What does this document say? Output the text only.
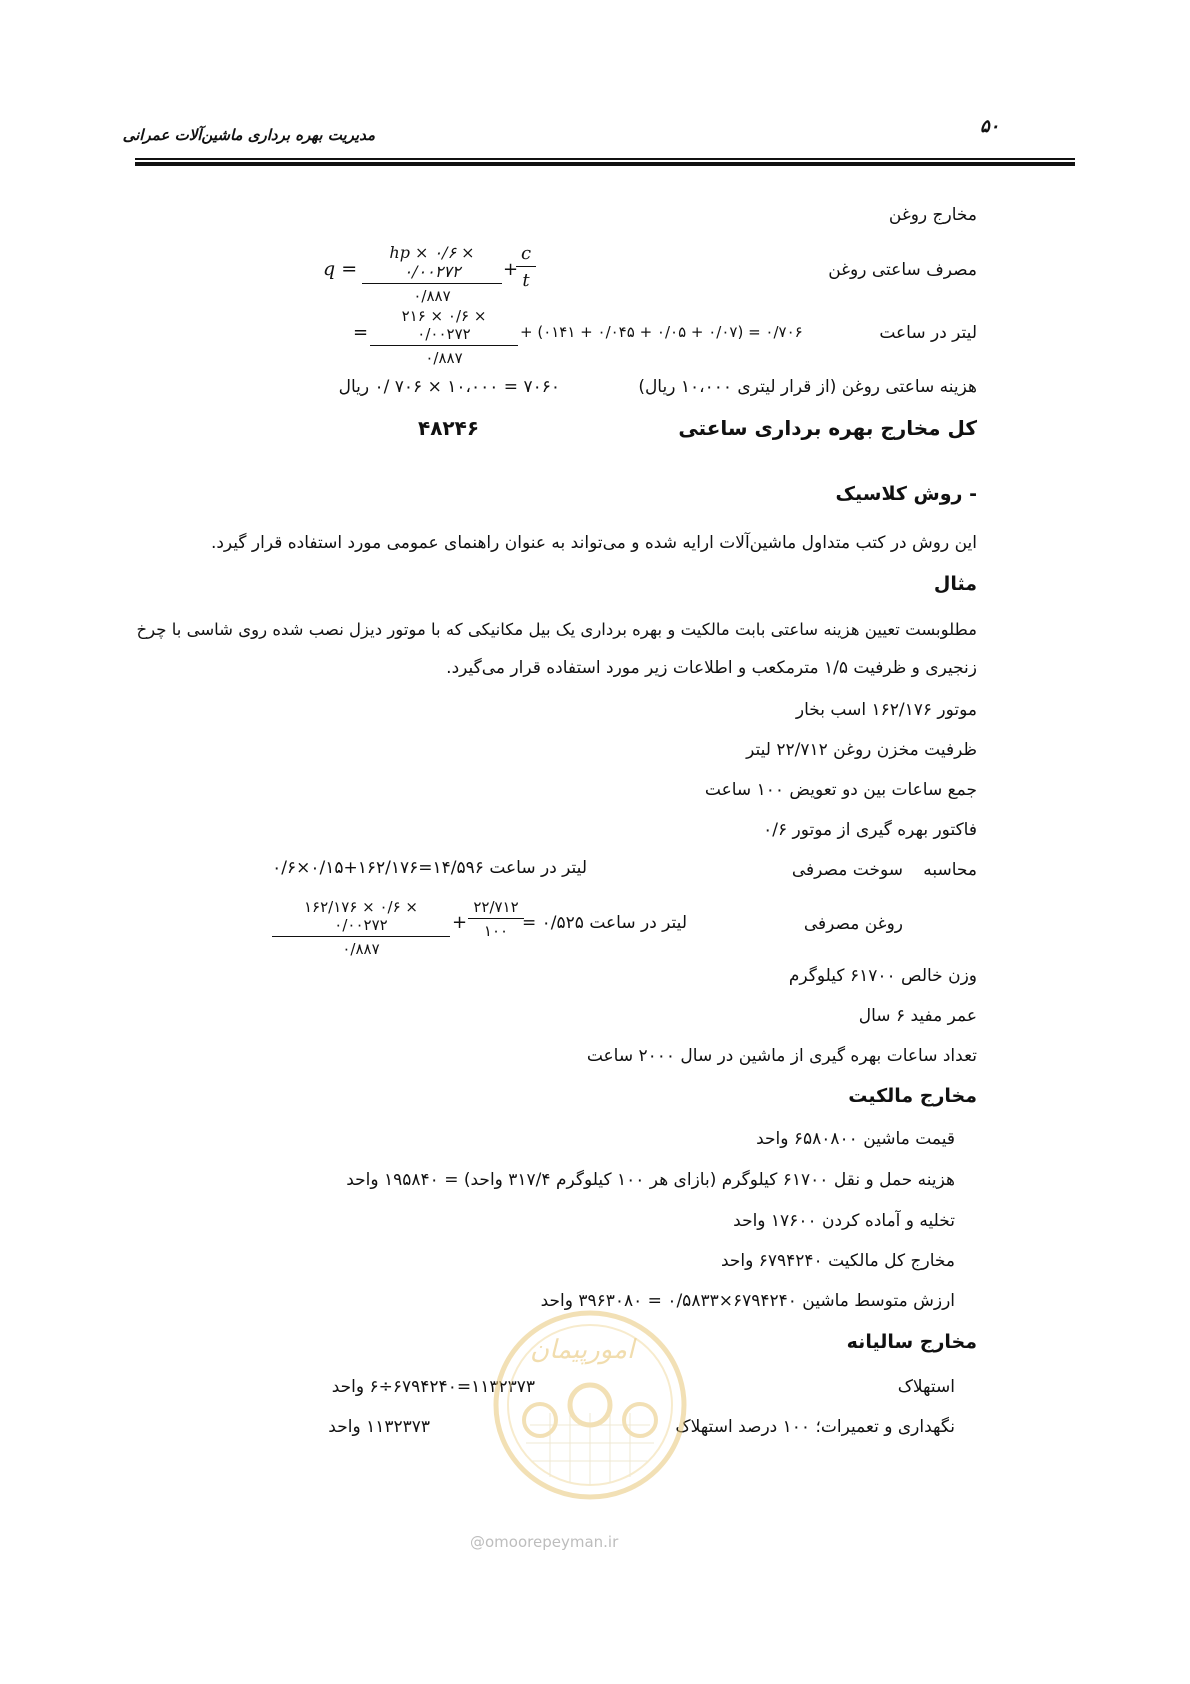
۵۰
مدیریت بهره برداری ماشین‌آلات عمرانی
مخارج روغن
مصرف ساعتی روغن
q =
hp × ۰/۶ × ۰/۰۰۲۷۲
۰/۸۸۷
+
$\frac{c}{t}$
لیتر در ساعت
=
۲۱۶ × ۰/۶ × ۰/۰۰۲۷۲
۰/۸۸۷
+ (۰۱۴۱ + ۰/۰۴۵ + ۰/۰۵ + ۰/۰۷) = ۰/۷۰۶
هزینه ساعتی روغن (از قرار لیتری ۱۰،۰۰۰ ریال)
۷۰۶۰ = ۱۰،۰۰۰ × ۷۰۶ /۰ ریال
کل مخارج بهره برداری ساعتی
۴۸۲۴۶
- روش کلاسیک
این روش در کتب متداول ماشین‌آلات ارایه شده و می‌تواند به عنوان راهنمای عمومی مورد استفاده قرار گیرد.
مثال
مطلوبست تعیین هزینه ساعتی بابت مالکیت و بهره برداری یک بیل مکانیکی که با موتور دیزل نصب شده روی شاسی با چرخ
زنجیری و ظرفیت ۱/۵ مترمکعب و اطلاعات زیر مورد استفاده قرار می‌گیرد.
موتور ۱۶۲/۱۷۶ اسب بخار
ظرفیت مخزن روغن ۲۲/۷۱۲ لیتر
جمع ساعات بین دو تعویض ۱۰۰ ساعت
فاکتور بهره گیری از موتور ۰/۶
محاسبه
سوخت مصرفی
لیتر در ساعت ۱۴/۵۹۶=۱۶۲/۱۷۶+۰/۱۵×۰/۶
روغن مصرفی
لیتر در ساعت ۰/۵۲۵ =
۲۲/۷۱۲
۱۰۰
+
۱۶۲/۱۷۶ × ۰/۶ × ۰/۰۰۲۷۲
۰/۸۸۷
وزن خالص ۶۱۷۰۰ کیلوگرم
عمر مفید ۶ سال
تعداد ساعات بهره گیری از ماشین در سال ۲۰۰۰ ساعت
مخارج مالکیت
قیمت ماشین ۶۵۸۰۸۰۰ واحد
هزینه حمل و نقل ۶۱۷۰۰ کیلوگرم (بازای هر ۱۰۰ کیلوگرم ۳۱۷/۴ واحد) = ۱۹۵۸۴۰ واحد
تخلیه و آماده کردن ۱۷۶۰۰ واحد
مخارج کل مالکیت ۶۷۹۴۲۴۰ واحد
ارزش متوسط ماشین ۶۷۹۴۲۴۰×۰/۵۸۳۳ = ۳۹۶۳۰۸۰ واحد
مخارج سالیانه
استهلاک
۱۱۳۲۳۷۳=۶۷۹۴۲۴۰÷۶ واحد
نگهداری و تعمیرات؛ ۱۰۰ درصد استهلاک
۱۱۳۲۳۷۳ واحد
امورپیمان
@omoorepeyman.ir
